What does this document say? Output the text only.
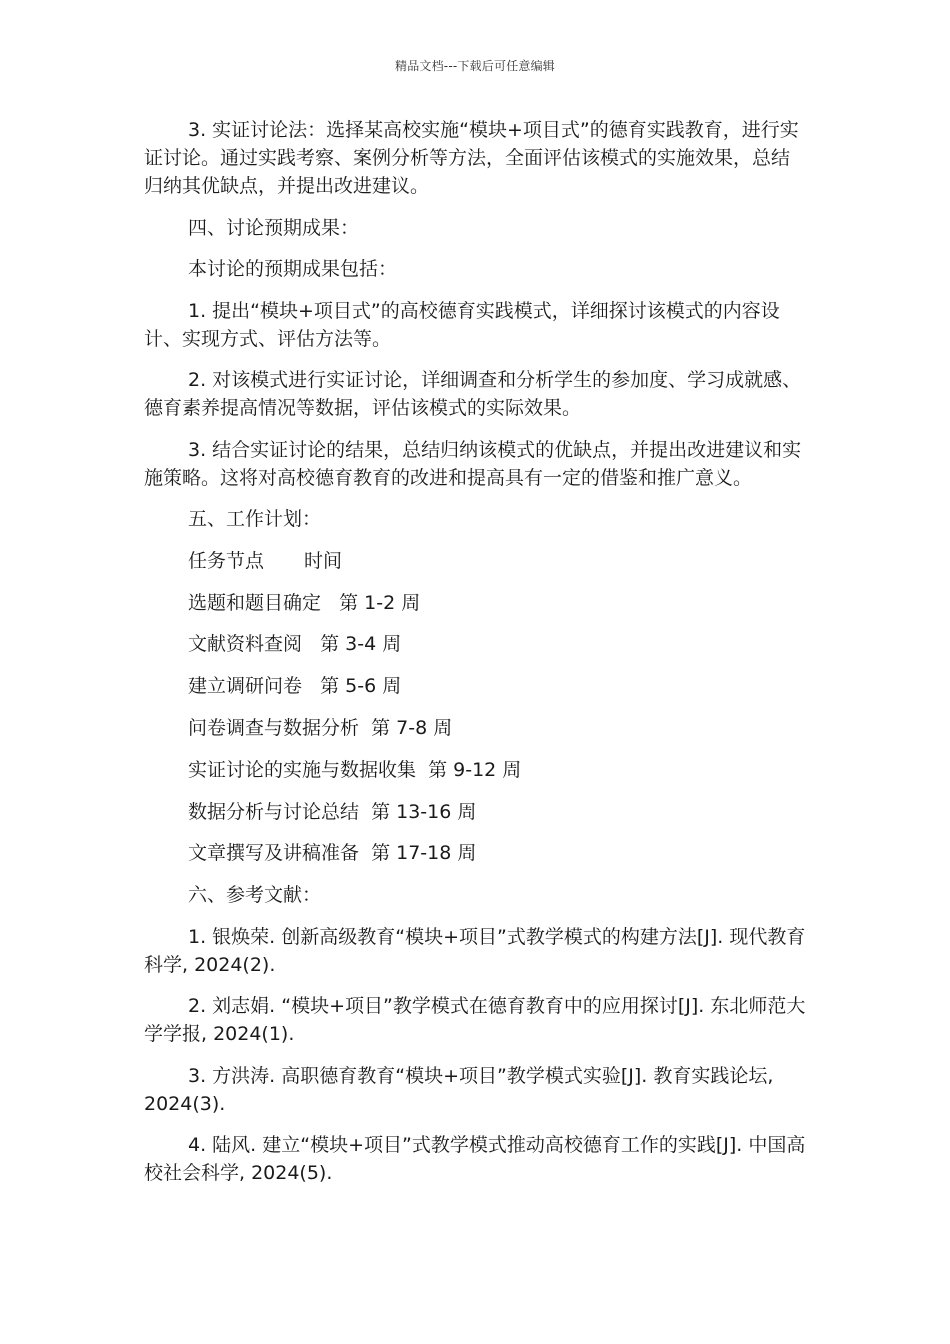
精品文档---下载后可任意编辑

3. 实证讨论法：选择某高校实施“模块+项目式”的德育实践教育，进行实证讨论。通过实践考察、案例分析等方法，全面评估该模式的实施效果，总结归纳其优缺点，并提出改进建议。

四、讨论预期成果：

本讨论的预期成果包括：

1. 提出“模块+项目式”的高校德育实践模式，详细探讨该模式的内容设计、实现方式、评估方法等。

2. 对该模式进行实证讨论，详细调查和分析学生的参加度、学习成就感、德育素养提高情况等数据，评估该模式的实际效果。

3. 结合实证讨论的结果，总结归纳该模式的优缺点，并提出改进建议和实施策略。这将对高校德育教育的改进和提高具有一定的借鉴和推广意义。

五、工作计划：

任务节点 时间

选题和题目确定   第 1-2 周

文献资料查阅   第 3-4 周

建立调研问卷   第 5-6 周

问卷调查与数据分析  第 7-8 周

实证讨论的实施与数据收集  第 9-12 周

数据分析与讨论总结  第 13-16 周

文章撰写及讲稿准备  第 17-18 周

六、参考文献：

1. 银焕荣. 创新高级教育“模块+项目”式教学模式的构建方法[J]. 现代教育科学, 2024(2).

2. 刘志娟. “模块+项目”教学模式在德育教育中的应用探讨[J]. 东北师范大学学报, 2024(1).

3. 方洪涛. 高职德育教育“模块+项目”教学模式实验[J]. 教育实践论坛, 2024(3).

4. 陆风. 建立“模块+项目”式教学模式推动高校德育工作的实践[J]. 中国高校社会科学, 2024(5).
